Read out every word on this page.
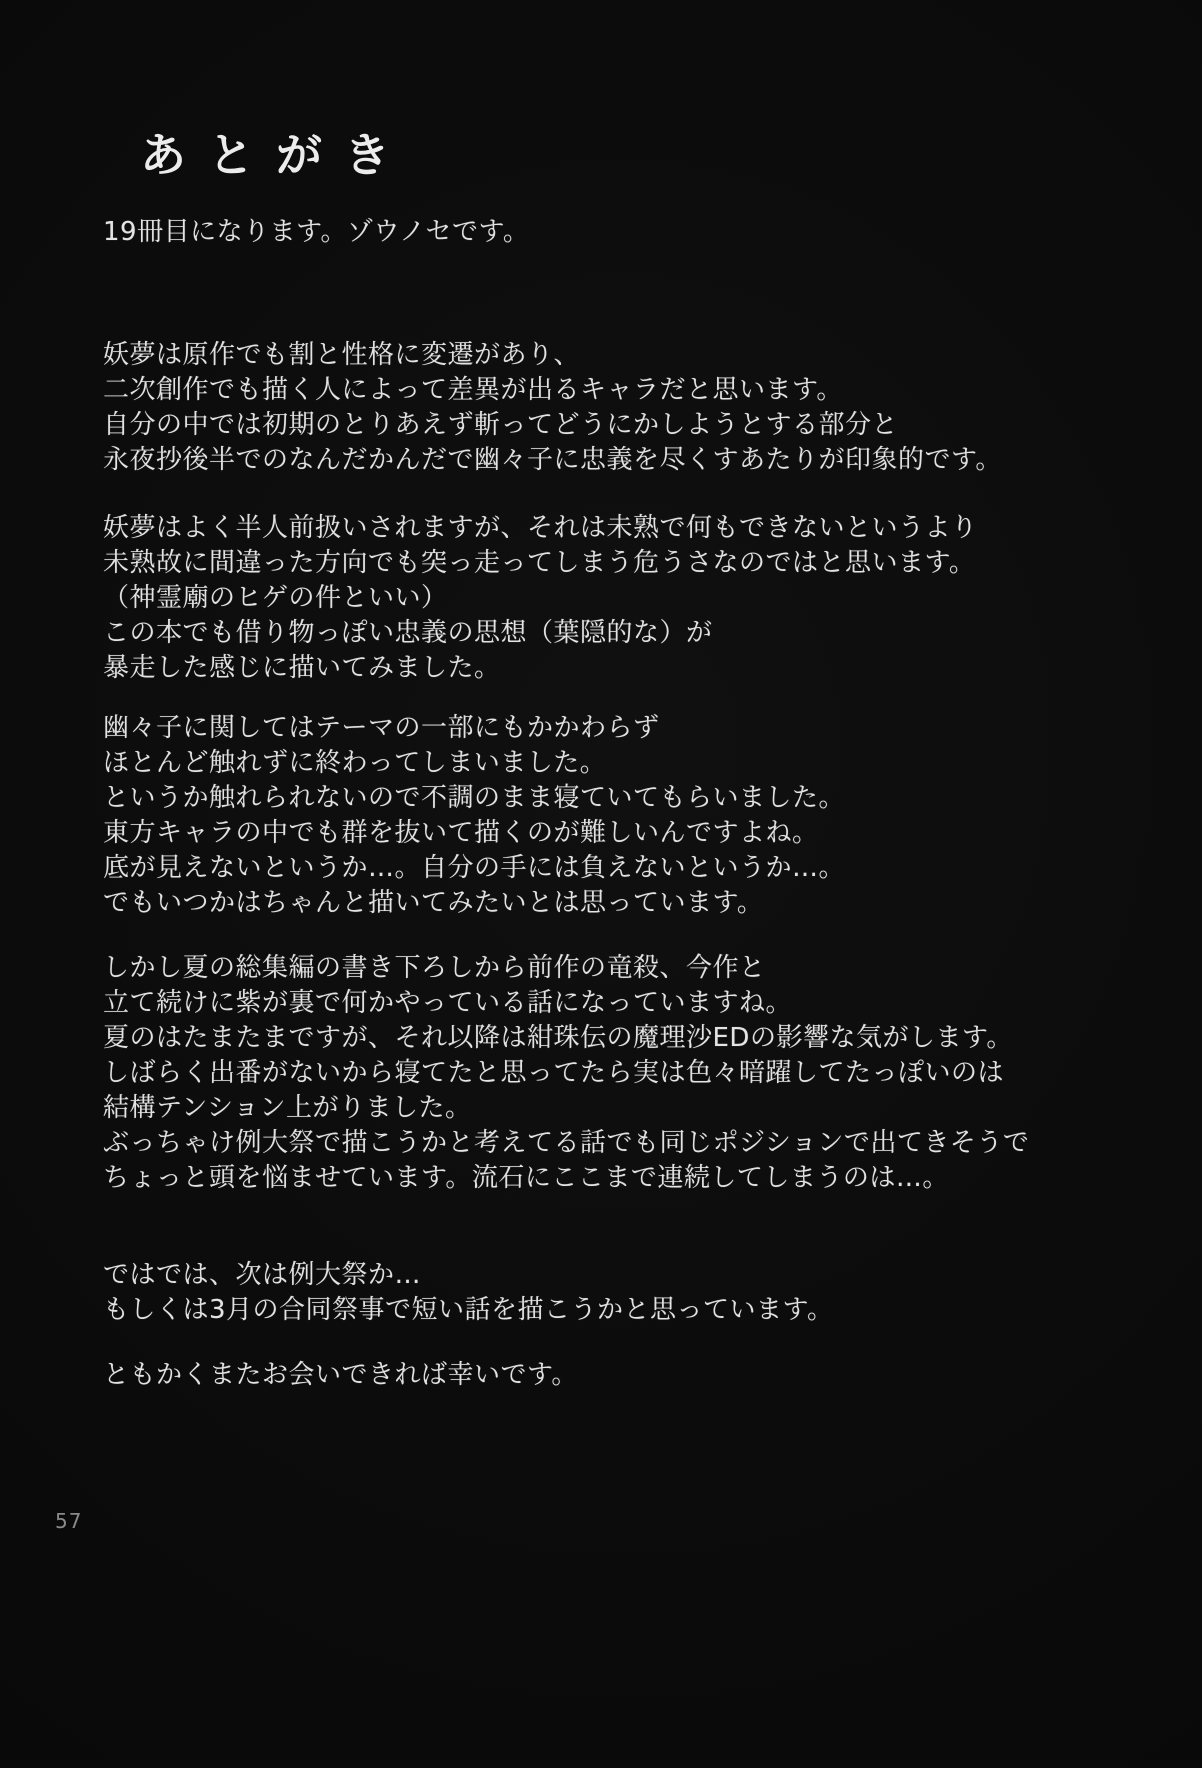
あとがき
19冊目になります。ゾウノセです。
妖夢は原作でも割と性格に変遷があり、
二次創作でも描く人によって差異が出るキャラだと思います。
自分の中では初期のとりあえず斬ってどうにかしようとする部分と
永夜抄後半でのなんだかんだで幽々子に忠義を尽くすあたりが印象的です。
妖夢はよく半人前扱いされますが、それは未熟で何もできないというより
未熟故に間違った方向でも突っ走ってしまう危うさなのではと思います。
（神霊廟のヒゲの件といい）
この本でも借り物っぽい忠義の思想（葉隠的な）が
暴走した感じに描いてみました。
幽々子に関してはテーマの一部にもかかわらず
ほとんど触れずに終わってしまいました。
というか触れられないので不調のまま寝ていてもらいました。
東方キャラの中でも群を抜いて描くのが難しいんですよね。
底が見えないというか…。自分の手には負えないというか…。
でもいつかはちゃんと描いてみたいとは思っています。
しかし夏の総集編の書き下ろしから前作の竜殺、今作と
立て続けに紫が裏で何かやっている話になっていますね。
夏のはたまたまですが、それ以降は紺珠伝の魔理沙EDの影響な気がします。
しばらく出番がないから寝てたと思ってたら実は色々暗躍してたっぽいのは
結構テンション上がりました。
ぶっちゃけ例大祭で描こうかと考えてる話でも同じポジションで出てきそうで
ちょっと頭を悩ませています。流石にここまで連続してしまうのは…。
ではでは、次は例大祭か…
もしくは3月の合同祭事で短い話を描こうかと思っています。
ともかくまたお会いできれば幸いです。
57
